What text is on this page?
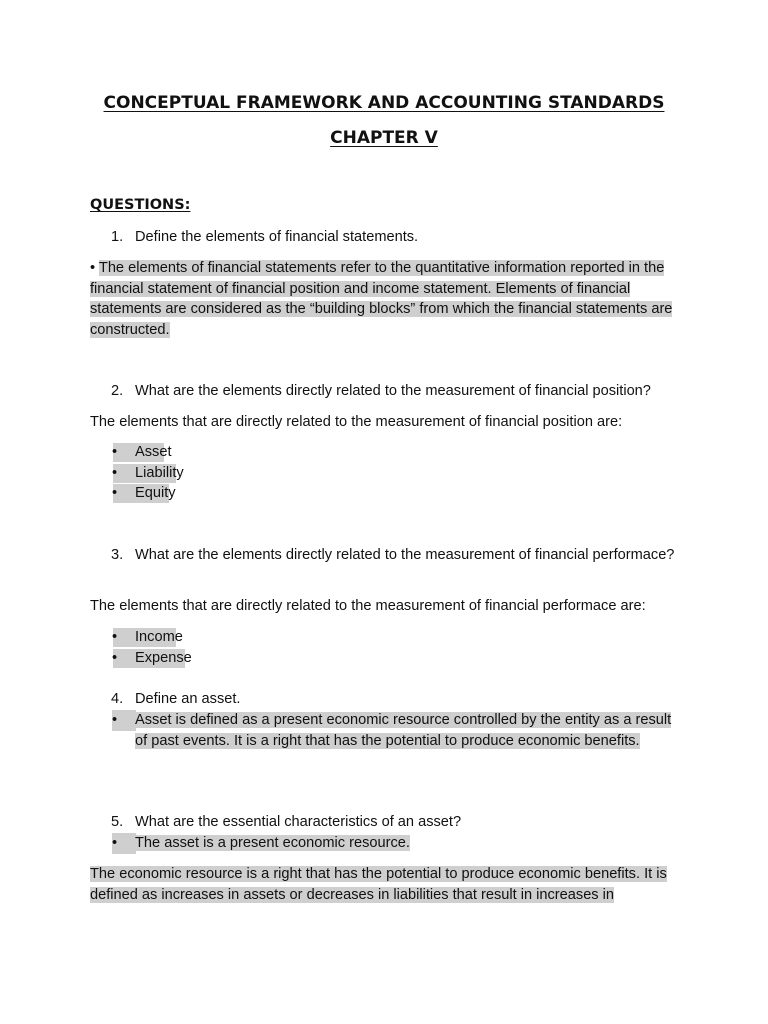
CONCEPTUAL FRAMEWORK AND ACCOUNTING STANDARDS
CHAPTER V
QUESTIONS:
1. Define the elements of financial statements.
• The elements of financial statements refer to the quantitative information reported in the financial statement of financial position and income statement. Elements of financial statements are considered as the “building blocks” from which the financial statements are constructed.
2. What are the elements directly related to the measurement of financial position?
The elements that are directly related to the measurement of financial position are:
• Asset
• Liability
• Equity
3. What are the elements directly related to the measurement of financial performace?
The elements that are directly related to the measurement of financial performace are:
• Income
• Expense
4. Define an asset.
•	Asset is defined as a present economic resource controlled by the entity as a result of past events. It is a right that has the potential to produce economic benefits.
5. What are the essential characteristics of an asset?
•	The asset is a present economic resource.
The economic resource is a right that has the potential to produce economic benefits. It is defined as increases in assets or decreases in liabilities that result in increases in
